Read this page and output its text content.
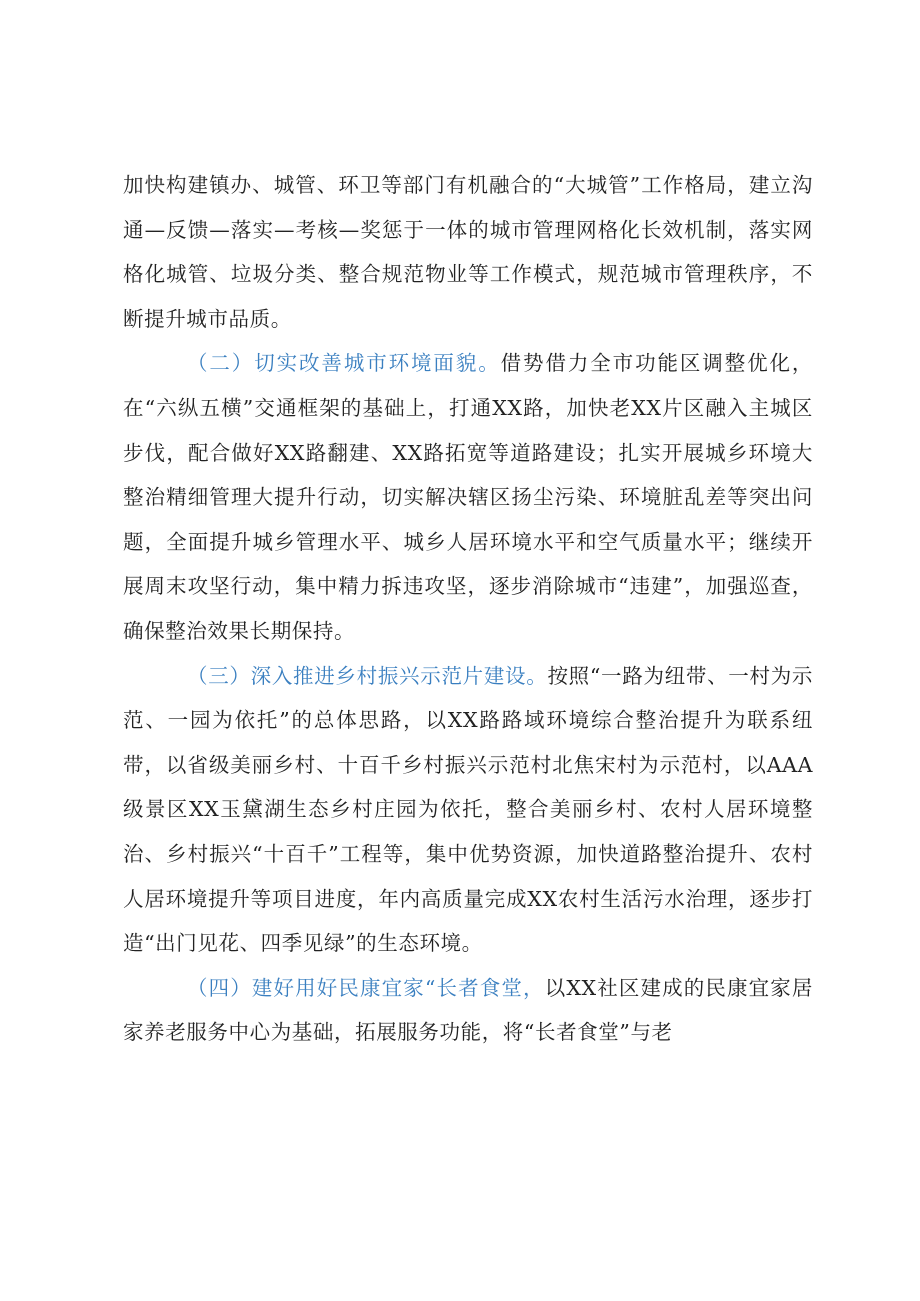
加快构建镇办、城管、环卫等部门有机融合的“大城管”工作格局，建立沟通—反馈—落实—考核—奖惩于一体的城市管理网格化长效机制，落实网格化城管、垃圾分类、整合规范物业等工作模式，规范城市管理秩序，不断提升城市品质。

（二）切实改善城市环境面貌。借势借力全市功能区调整优化，在“六纵五横”交通框架的基础上，打通XX路，加快老XX片区融入主城区步伐，配合做好XX路翻建、XX路拓宽等道路建设；扎实开展城乡环境大整治精细管理大提升行动，切实解决辖区扬尘污染、环境脏乱差等突出问题，全面提升城乡管理水平、城乡人居环境水平和空气质量水平；继续开展周末攻坚行动，集中精力拆违攻坚，逐步消除城市“违建”，加强巡查，确保整治效果长期保持。

（三）深入推进乡村振兴示范片建设。按照“一路为纽带、一村为示范、一园为依托”的总体思路，以XX路路域环境综合整治提升为联系纽带，以省级美丽乡村、十百千乡村振兴示范村北焦宋村为示范村，以AAA级景区XX玉黛湖生态乡村庄园为依托，整合美丽乡村、农村人居环境整治、乡村振兴“十百千”工程等，集中优势资源，加快道路整治提升、农村人居环境提升等项目进度，年内高质量完成XX农村生活污水治理，逐步打造“出门见花、四季见绿”的生态环境。

（四）建好用好民康宜家“长者食堂，以XX社区建成的民康宜家居家养老服务中心为基础，拓展服务功能，将“长者食堂”与老
